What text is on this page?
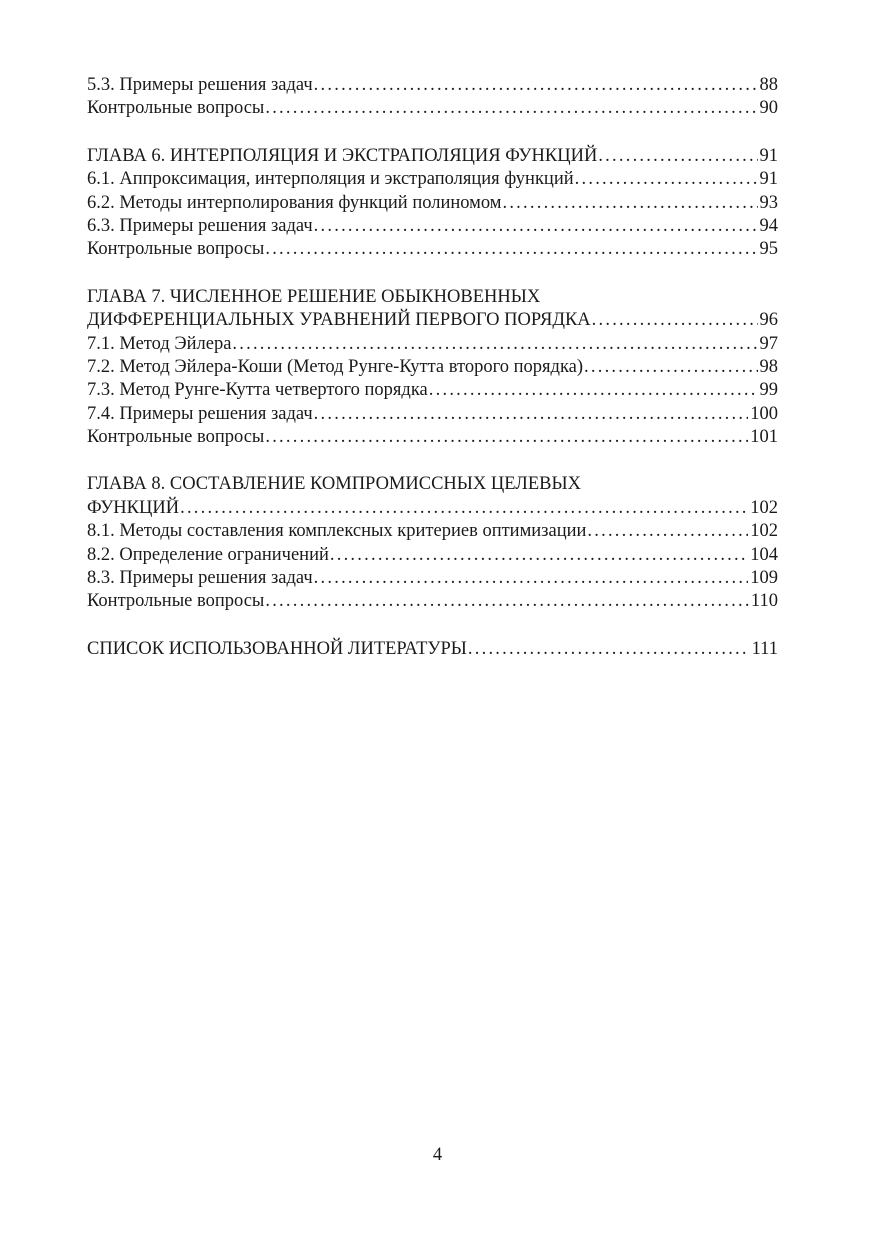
5.3. Примеры решения задач . . .	88
Контрольные вопросы . . .	90
ГЛАВА 6. ИНТЕРПОЛЯЦИЯ И ЭКСТРАПОЛЯЦИЯ ФУНКЦИЙ . . .	91
6.1. Аппроксимация, интерполяция и экстраполяция функций . . .	91
6.2. Методы интерполирования функций полиномом . . .	93
6.3. Примеры решения задач . . .	94
Контрольные вопросы . . .	95
ГЛАВА 7. ЧИСЛЕННОЕ РЕШЕНИЕ ОБЫКНОВЕННЫХ
ДИФФЕРЕНЦИАЛЬНЫХ УРАВНЕНИЙ ПЕРВОГО ПОРЯДКА . . .	96
7.1. Метод Эйлера . . .	97
7.2. Метод Эйлера-Коши (Метод Рунге-Кутта второго порядка) . . .	98
7.3. Метод Рунге-Кутта четвертого порядка . . .	99
7.4. Примеры решения задач . . .	100
Контрольные вопросы . . .	101
ГЛАВА 8. СОСТАВЛЕНИЕ КОМПРОМИССНЫХ ЦЕЛЕВЫХ
ФУНКЦИЙ . . .	102
8.1. Методы составления комплексных критериев оптимизации . . .	102
8.2. Определение ограничений . . .	104
8.3. Примеры решения задач . . .	109
Контрольные вопросы . . .	110
СПИСОК ИСПОЛЬЗОВАННОЙ ЛИТЕРАТУРЫ . . .	111
4
